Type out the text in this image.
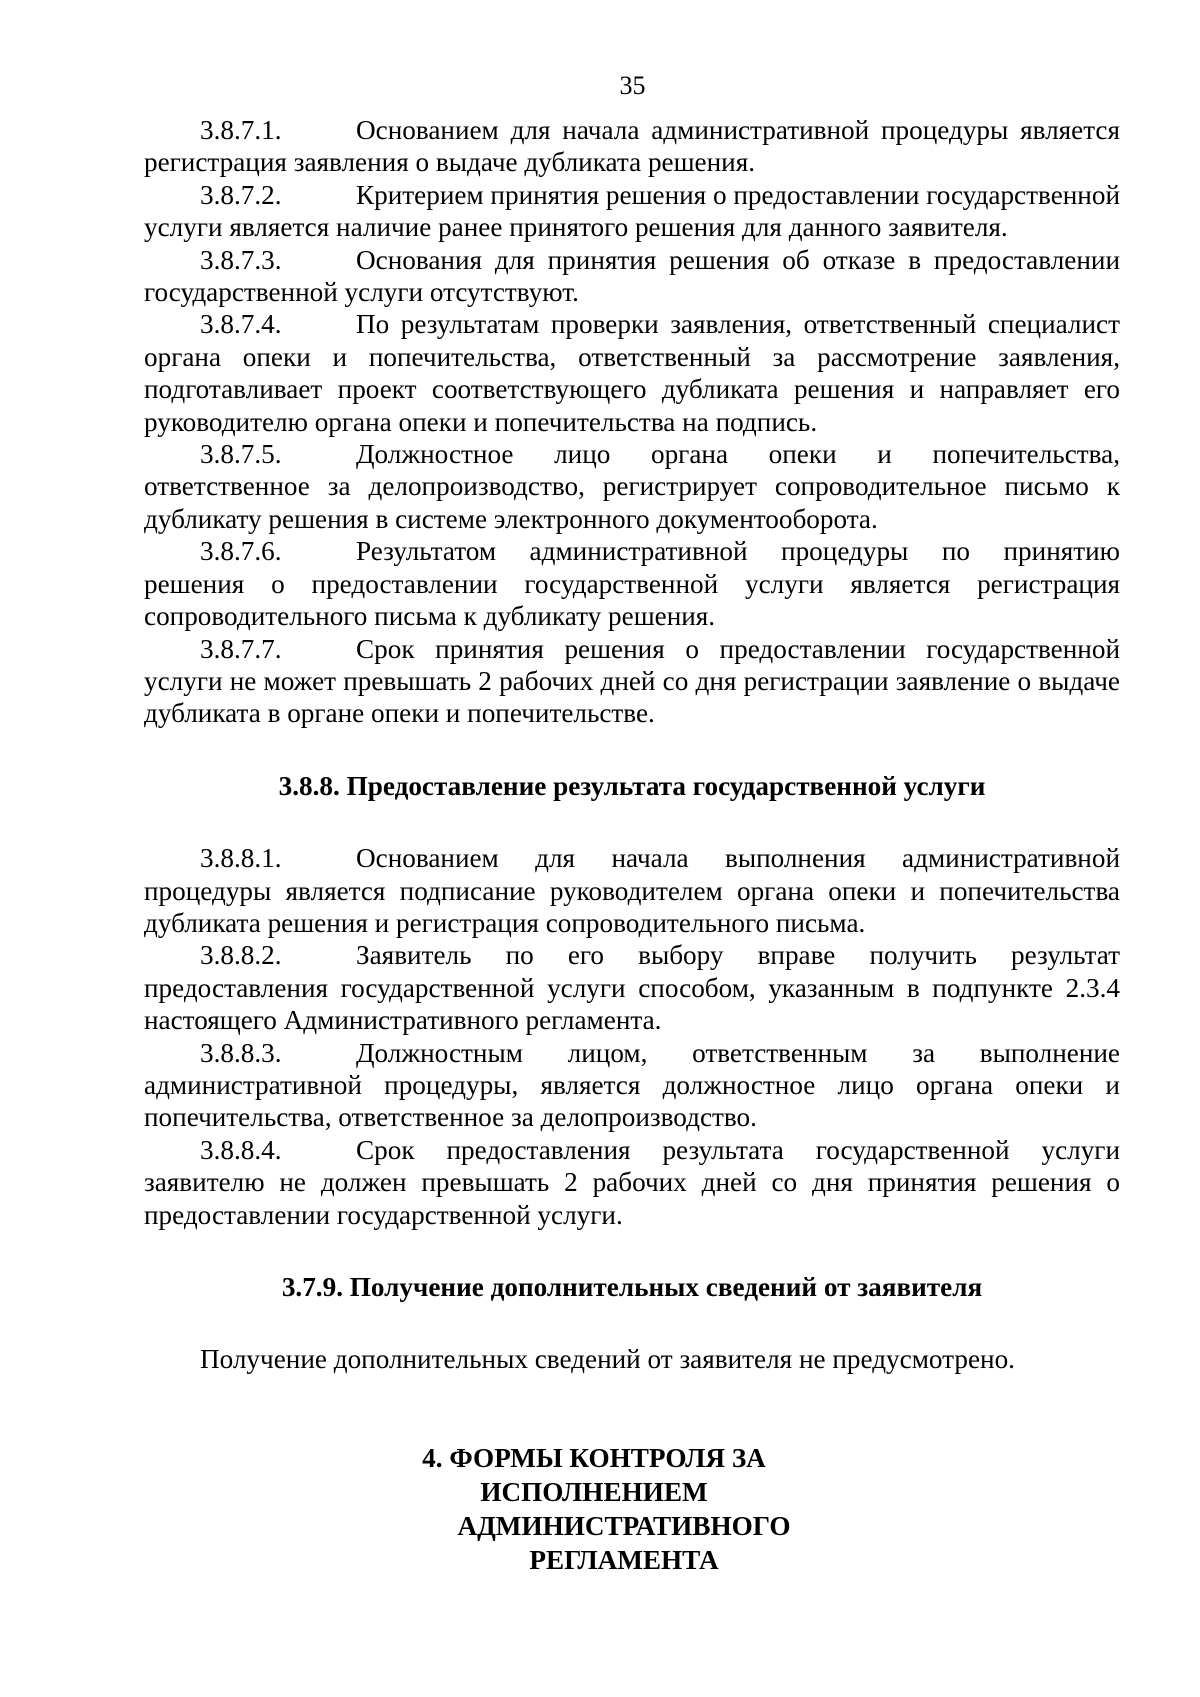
35

3.8.7.1.	Основанием для начала административной процедуры является регистрация заявления о выдаче дубликата решения.

3.8.7.2.	Критерием принятия решения о предоставлении государственной услуги является наличие ранее принятого решения для данного заявителя.

3.8.7.3.	Основания для принятия решения об отказе в предоставлении государственной услуги отсутствуют.

3.8.7.4.	По результатам проверки заявления, ответственный специалист органа опеки и попечительства, ответственный за рассмотрение заявления, подготавливает проект соответствующего дубликата решения и направляет его руководителю органа опеки и попечительства на подпись.

3.8.7.5.	Должностное лицо органа опеки и попечительства, ответственное за делопроизводство, регистрирует сопроводительное письмо к дубликату решения в системе электронного документооборота.

3.8.7.6.	Результатом административной процедуры по принятию решения о предоставлении государственной услуги является регистрация сопроводительного письма к дубликату решения.

3.8.7.7.	Срок принятия решения о предоставлении государственной услуги не может превышать 2 рабочих дней со дня регистрации заявление о выдаче дубликата в органе опеки и попечительстве.

3.8.8. Предоставление результата государственной услуги

3.8.8.1.	Основанием для начала выполнения административной процедуры является подписание руководителем органа опеки и попечительства дубликата решения и регистрация сопроводительного письма.

3.8.8.2.	Заявитель по его выбору вправе получить результат предоставления государственной услуги способом, указанным в подпункте 2.3.4 настоящего Административного регламента.

3.8.8.3.	Должностным лицом, ответственным за выполнение административной процедуры, является должностное лицо органа опеки и попечительства, ответственное за делопроизводство.

3.8.8.4.	Срок предоставления результата государственной услуги заявителю не должен превышать 2 рабочих дней со дня принятия решения о предоставлении государственной услуги.

3.7.9. Получение дополнительных сведений от заявителя

Получение дополнительных сведений от заявителя не предусмотрено.

4. ФОРМЫ КОНТРОЛЯ ЗА ИСПОЛНЕНИЕМ
АДМИНИСТРАТИВНОГО РЕГЛАМЕНТА
